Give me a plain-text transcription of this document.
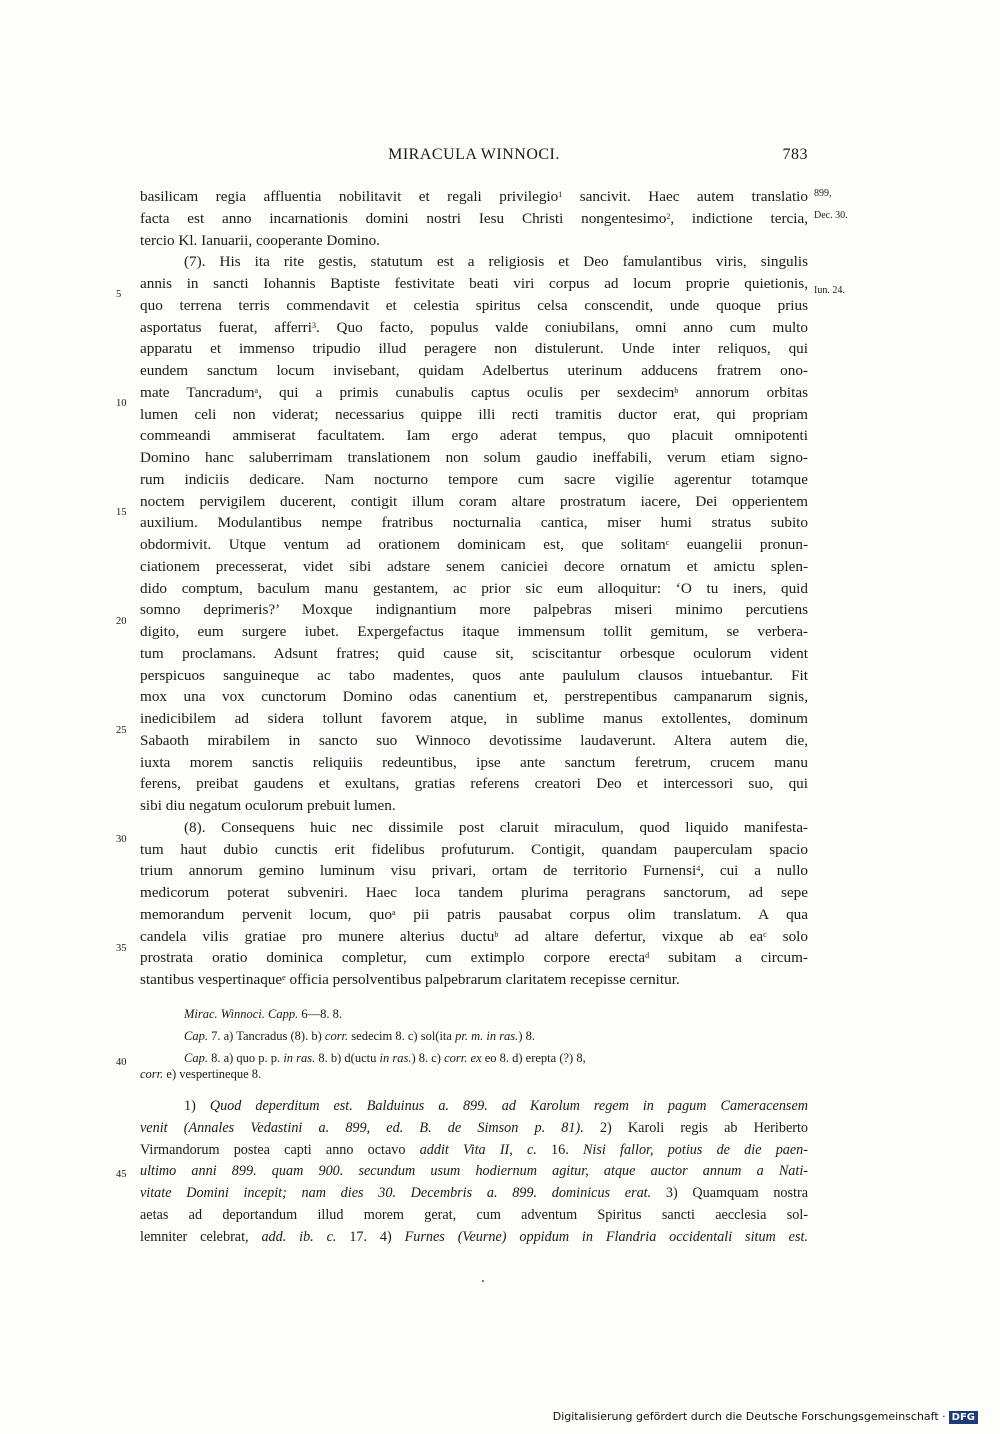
MIRACULA WINNOCI.	783
899,
Dec. 30.
Iun. 24.
5
10
15
20
25
30
35
40
45
basilicam regia affluentia nobilitavit et regali privilegio$^1$ sancivit. Haec autem translatio
facta est anno incarnationis domini nostri Iesu Christi nongentesimo$^2$, indictione tercia,
tercio Kl. Ianuarii, cooperante Domino.
(7). His ita rite gestis, statutum est a religiosis et Deo famulantibus viris, singulis
annis in sancti Iohannis Baptiste festivitate beati viri corpus ad locum proprie quietionis,
quo terrena terris commendavit et celestia spiritus celsa conscendit, unde quoque prius
asportatus fuerat, afferri$^3$. Quo facto, populus valde coniubilans, omni anno cum multo
apparatu et immenso tripudio illud peragere non distulerunt. Unde inter reliquos, qui
eundem sanctum locum invisebant, quidam Adelbertus uterinum adducens fratrem ono-
mate Tancradum$^a$, qui a primis cunabulis captus oculis per sexdecim$^b$ annorum orbitas
lumen celi non viderat; necessarius quippe illi recti tramitis ductor erat, qui propriam
commeandi ammiserat facultatem. Iam ergo aderat tempus, quo placuit omnipotenti
Domino hanc saluberrimam translationem non solum gaudio ineffabili, verum etiam signo-
rum indiciis dedicare. Nam nocturno tempore cum sacre vigilie agerentur totamque
noctem pervigilem ducerent, contigit illum coram altare prostratum iacere, Dei opperientem
auxilium. Modulantibus nempe fratribus nocturnalia cantica, miser humi stratus subito
obdormivit. Utque ventum ad orationem dominicam est, que solitam$^c$ euangelii pronun-
ciationem precesserat, videt sibi adstare senem caniciei decore ornatum et amictu splen-
dido comptum, baculum manu gestantem, ac prior sic eum alloquitur: ‘O tu iners, quid
somno deprimeris?’ Moxque indignantium more palpebras miseri minimo percutiens
digito, eum surgere iubet. Expergefactus itaque immensum tollit gemitum, se verbera-
tum proclamans. Adsunt fratres; quid cause sit, sciscitantur orbesque oculorum vident
perspicuos sanguineque ac tabo madentes, quos ante paululum clausos intuebantur. Fit
mox una vox cunctorum Domino odas canentium et, perstrepentibus campanarum signis,
inedicibilem ad sidera tollunt favorem atque, in sublime manus extollentes, dominum
Sabaoth mirabilem in sancto suo Winnoco devotissime laudaverunt. Altera autem die,
iuxta morem sanctis reliquiis redeuntibus, ipse ante sanctum feretrum, crucem manu
ferens, preibat gaudens et exultans, gratias referens creatori Deo et intercessori suo, qui
sibi diu negatum oculorum prebuit lumen.
(8). Consequens huic nec dissimile post claruit miraculum, quod liquido manifesta-
tum haut dubio cunctis erit fidelibus profuturum. Contigit, quandam pauperculam spacio
trium annorum gemino luminum visu privari, ortam de territorio Furnensi$^4$, cui a nullo
medicorum poterat subveniri. Haec loca tandem plurima peragrans sanctorum, ad sepe
memorandum pervenit locum, quo$^a$ pii patris pausabat corpus olim translatum. A qua
candela vilis gratiae pro munere alterius ductu$^b$ ad altare defertur, vixque ab $ea^c$ solo
prostrata oratio dominica completur, cum extimplo corpore erecta$^d$ subitam a circum-
stantibus vespertinaque$^e$ officia persolventibus palpebrarum claritatem recepisse cernitur.
Mirac. Winnoci. Capp. 6—8. 8.
Cap. 7. a) Tancradus (8). b) corr. sedecim 8. c) sol(ita pr. m. in ras.) 8.
Cap. 8. a) quo p. p. in ras. 8. b) d(uctu in ras.) 8. c) corr. ex eo 8. d) erepta (?) 8,
corr. e) vespertineque 8.
1) Quod deperditum est. Balduinus a. 899. ad Karolum regem in pagum Cameracensem
venit (Annales Vedastini a. 899, ed. B. de Simson p. 81). 2) Karoli regis ab Heriberto
Virmandorum postea capti anno octavo addit Vita II, c. 16. Nisi fallor, potius de die paen-
ultimo anni 899. quam 900. secundum usum hodiernum agitur, atque auctor annum a Nati-
vitate Domini incepit; nam dies 30. Decembris a. 899. dominicus erat. 3) Quamquam nostra
aetas ad deportandum illud morem gerat, cum adventum Spiritus sancti aecclesia sol-
lemniter celebrat, add. ib. c. 17. 4) Furnes (Veurne) oppidum in Flandria occidentali situm est.
Digitalisierung gefördert durch die Deutsche Forschungsgemeinschaft · DFG
